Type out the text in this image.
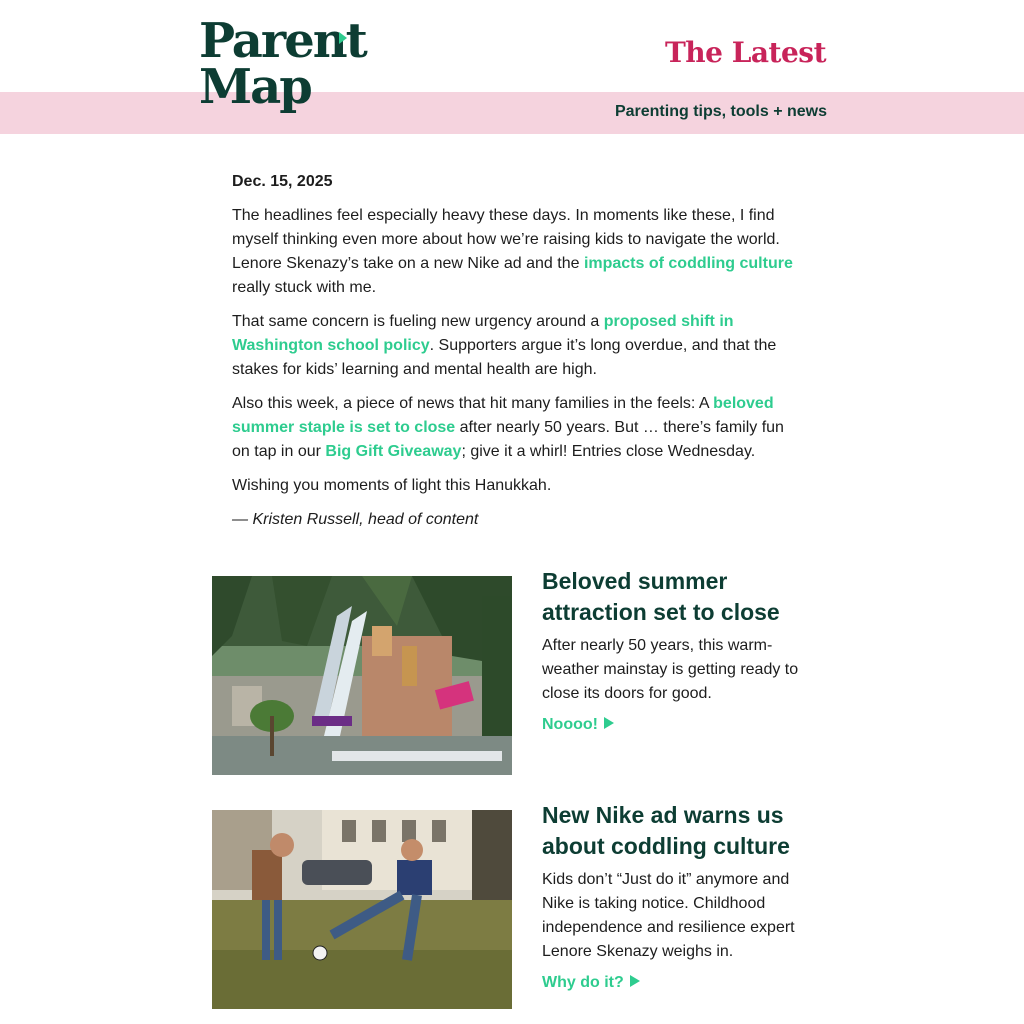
Parent
Map
The Latest
Parenting tips, tools + news
Dec. 15, 2025

The headlines feel especially heavy these days. In moments like these, I find myself thinking even more about how we’re raising kids to navigate the world. Lenore Skenazy’s take on a new Nike ad and the impacts of coddling culture really stuck with me.

That same concern is fueling new urgency around a proposed shift in Washington school policy. Supporters argue it’s long overdue, and that the stakes for kids’ learning and mental health are high.

Also this week, a piece of news that hit many families in the feels: A beloved summer staple is set to close after nearly 50 years. But … there’s family fun on tap in our Big Gift Giveaway; give it a whirl! Entries close Wednesday.

Wishing you moments of light this Hanukkah.

— Kristen Russell, head of content

Beloved summer attraction set to close
After nearly 50 years, this warm-weather mainstay is getting ready to close its doors for good.
Noooo!
New Nike ad warns us about coddling culture
Kids don’t “Just do it” anymore and Nike is taking notice. Childhood independence and resilience expert Lenore Skenazy weighs in.
Why do it?
